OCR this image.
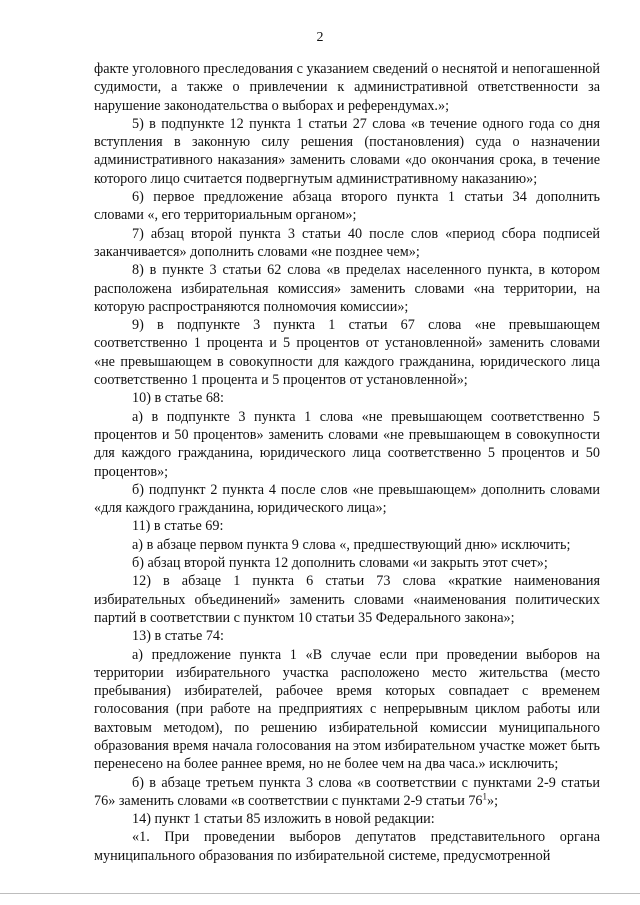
2

факте уголовного преследования с указанием сведений о неснятой и непогашенной судимости, а также о привлечении к административной ответственности за нарушение законодательства о выборах и референдумах.»;

5) в подпункте 12 пункта 1 статьи 27 слова «в течение одного года со дня вступления в законную силу решения (постановления) суда о назначении административного наказания» заменить словами «до окончания срока, в течение которого лицо считается подвергнутым административному наказанию»;

6) первое предложение абзаца второго пункта 1 статьи 34 дополнить словами «, его территориальным органом»;

7) абзац второй пункта 3 статьи 40 после слов «период сбора подписей заканчивается» дополнить словами «не позднее чем»;

8) в пункте 3 статьи 62 слова «в пределах населенного пункта, в котором расположена избирательная комиссия» заменить словами «на территории, на которую распространяются полномочия комиссии»;

9) в подпункте 3 пункта 1 статьи 67 слова «не превышающем соответственно 1 процента и 5 процентов от установленной» заменить словами «не превышающем в совокупности для каждого гражданина, юридического лица соответственно 1 процента и 5 процентов от установленной»;

10) в статье 68:

а) в подпункте 3 пункта 1 слова «не превышающем соответственно 5 процентов и 50 процентов» заменить словами «не превышающем в совокупности для каждого гражданина, юридического лица соответственно 5 процентов и 50 процентов»;

б) подпункт 2 пункта 4 после слов «не превышающем» дополнить словами «для каждого гражданина, юридического лица»;

11) в статье 69:

а) в абзаце первом пункта 9 слова «, предшествующий дню» исключить;

б) абзац второй пункта 12 дополнить словами «и закрыть этот счет»;

12) в абзаце 1 пункта 6 статьи 73 слова «краткие наименования избирательных объединений» заменить словами «наименования политических партий в соответствии с пунктом 10 статьи 35 Федерального закона»;

13) в статье 74:

а) предложение пункта 1 «В случае если при проведении выборов на территории избирательного участка расположено место жительства (место пребывания) избирателей, рабочее время которых совпадает с временем голосования (при работе на предприятиях с непрерывным циклом работы или вахтовым методом), по решению избирательной комиссии муниципального образования время начала голосования на этом избирательном участке может быть перенесено на более раннее время, но не более чем на два часа.» исключить;

б) в абзаце третьем пункта 3 слова «в соответствии с пунктами 2-9 статьи 76» заменить словами «в соответствии с пунктами 2-9 статьи $76^1$»;

14) пункт 1 статьи 85 изложить в новой редакции:

«1. При проведении выборов депутатов представительного органа муниципального образования по избирательной системе, предусмотренной
